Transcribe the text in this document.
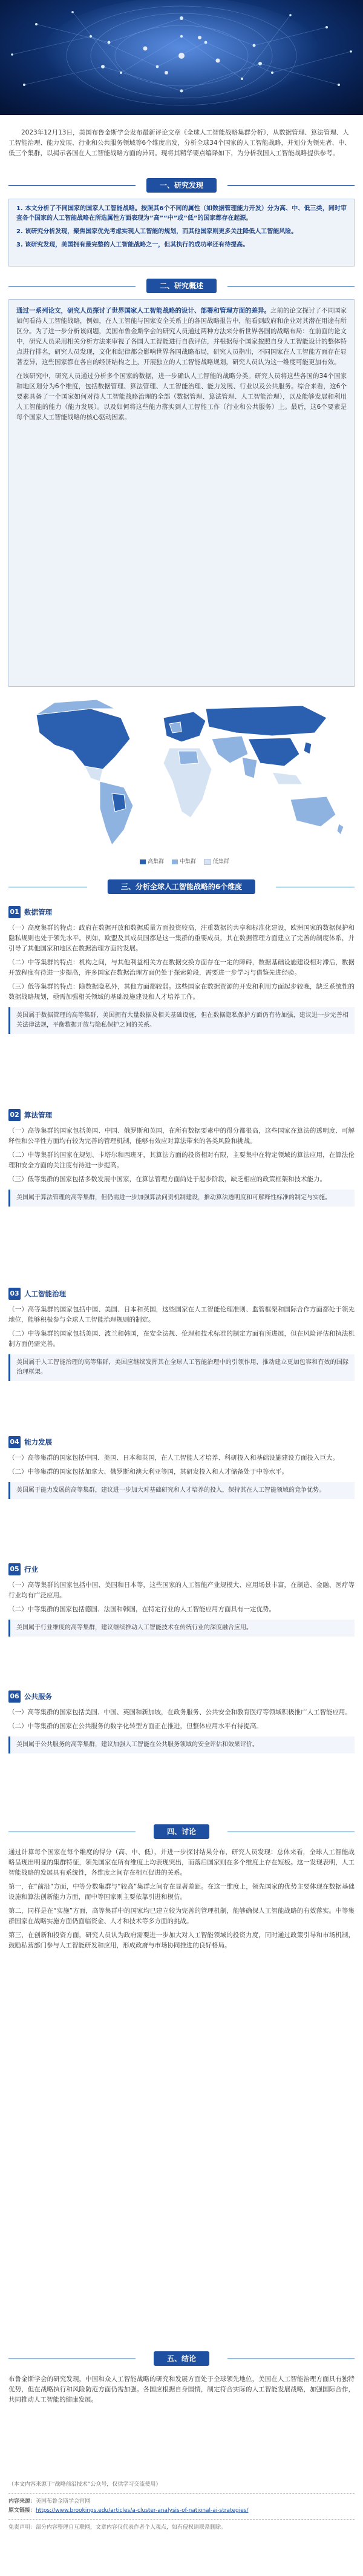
2023年12月13日，美国布鲁金斯学会发布最新评论文章《全球人工智能战略集群分析》，从数据管理、算法管理、人工智能治理、能力发展、行业和公共服务领域等6个维度出发，分析全球34个国家的人工智能战略，并划分为领先者、中、低三个集群，以揭示各国在人工智能战略方面的异同。现将其精华要点编译如下，为分析我国人工智能战略提供参考。

一、研究发现

1. 本文分析了不同国家的国家人工智能战略。按照其6个不同的属性（如数据管理能力开发）分为高、中、低三类，同时审查各个国家的人工智能战略在所选属性方面表现为”高”“中”或”低”的国家都存在起源。

2. 该研究分析发现，聚焦国家优先考虑实现人工智能的规划，而其他国家则更多关注降低人工智能风险。

3. 该研究发现，美国拥有最完整的人工智能战略之一，但其执行的成功率还有待提高。

二、研究概述

通过一系列论文，研究人员探讨了世界国家人工智能战略的设计、部署和管理方面的差异。之前的论文探讨了不同国家如何看待人工智能战略，例如，在人工智能与国家安全关系上的各国战略报告中，能看到政府和企业对其潜在用途有所区分。为了进一步分析该问题，美国布鲁金斯学会的研究人员通过两种方法来分析世界各国的战略布局：在前面的论文中，研究人员采用相关分析方法来审视了各国人工智能进行自我评估，并根据每个国家按照自身人工智能设计的整体特点进行排名，研究人员发现，文化和纪律都会影响世界各国战略布局，研究人员指出，不同国家在人工智能方面存在显著差异，这些国家都在各自的经济结构之上，开展独立的人工智能战略规划，研究人员认为这一维度可能更加有效。

在该研究中，研究人员通过分析多个国家的数据，进一步确认人工智能的战略分类。研究人员将这些各国的34个国家和地区划分为6个维度，包括数据管理、算法管理、人工智能治理、能力发展、行业以及公共服务。综合来看，这6个要素具备了一个国家如何对待人工智能战略治理的全部（数据管理、算法管理、人工智能治理），以及能够发展和利用人工智能的能力（能力发展）。以及如何将这些能力落实到人工智能工作（行业和公共服务）上。最后，这6个要素是每个国家人工智能战略的核心驱动因素。

高集群	中集群	低集群
三、分析全球人工智能战略的6个维度
01 数据管理

（一）高度集群的特点：政府在数据开放和数据质量方面投资较高，注重数据的共享和标准化建设，欧洲国家的数据保护和隐私规则也处于领先水平。例如，欧盟及其成员国都是这一集群的重要成员，其在数据管理方面建立了完善的制度体系，并引导了其他国家和地区在数据治理方面的发展。

（二）中等集群的特点：机构之间，与其他利益相关方在数据交换方面存在一定的障碍，数据基础设施建设相对滞后，数据开放程度有待进一步提高，许多国家在数据治理方面仍处于探索阶段，需要进一步学习与借鉴先进经验。

（三）低等集群的特点：除数据隐私外，其他方面都较弱。这些国家在数据资源的开发和利用方面起步较晚，缺乏系统性的数据战略规划，亟需加强相关领域的基础设施建设和人才培养工作。

美国属于数据管理的高等集群，美国拥有大量数据及相关基础设施，但在数据隐私保护方面仍有待加强，建议进一步完善相关法律法规，平衡数据开放与隐私保护之间的关系。
02 算法管理

（一）高等集群的国家包括美国、中国、俄罗斯和英国，在所有数据要素中的得分都很高，这些国家在算法的透明度、可解释性和公平性方面均有较为完善的管理机制，能够有效应对算法带来的各类风险和挑战。

（二）中等集群的国家在规划、卡塔尔和西班牙，其算法方面的投资相对有限，主要集中在特定领域的算法应用，在算法伦理和安全方面的关注度有待进一步提高。

（三）低等集群的国家包括多数发展中国家，在算法管理方面尚处于起步阶段，缺乏相应的政策框架和技术能力。

美国属于算法管理的高等集群，但仍需进一步加强算法问责机制建设，推动算法透明度和可解释性标准的制定与实施。
03 人工智能治理

（一）高等集群的国家包括中国、美国、日本和英国，这些国家在人工智能伦理准则、监管框架和国际合作方面都处于领先地位，能够积极参与全球人工智能治理规则的制定。

（二）中等集群的国家包括美国、波兰和韩国，在安全法规、伦理和技术标准的制定方面有所进展，但在风险评估和执法机制方面仍需完善。

美国属于人工智能治理的高等集群，美国应继续发挥其在全球人工智能治理中的引领作用，推动建立更加包容和有效的国际治理框架。
04 能力发展

（一）高等集群的国家包括中国、美国、日本和英国，在人工智能人才培养、科研投入和基础设施建设方面投入巨大。

（二）中等集群的国家包括加拿大、俄罗斯和澳大利亚等国，其研发投入和人才储备处于中等水平。

美国属于能力发展的高等集群，建议进一步加大对基础研究和人才培养的投入，保持其在人工智能领域的竞争优势。
05 行业

（一）高等集群的国家包括中国、美国和日本等，这些国家的人工智能产业规模大、应用场景丰富，在制造、金融、医疗等行业均有广泛应用。

（二）中等集群的国家包括德国、法国和韩国，在特定行业的人工智能应用方面具有一定优势。

美国属于行业维度的高等集群，建议继续推动人工智能技术在传统行业的深度融合应用。
06 公共服务

（一）高等集群的国家包括美国、中国、英国和新加坡，在政务服务、公共安全和教育医疗等领域积极推广人工智能应用。

（二）中等集群的国家在公共服务的数字化转型方面正在推进，但整体应用水平有待提高。

美国属于公共服务的高等集群，建议加强人工智能在公共服务领域的安全评估和效果评价。
四、讨论

通过计算每个国家在每个维度的得分（高、中、低），并进一步探讨结果分布，研究人员发现：总体来看，全球人工智能战略呈现出明显的集群特征，领先国家在所有维度上均表现突出，而落后国家则在多个维度上存在短板。这一发现表明，人工智能战略的发展具有系统性，各维度之间存在相互促进的关系。

第一，在“前沿”方面，中等分数集群与“较高”集群之间存在显著差距。在这一维度上，领先国家的优势主要体现在数据基础设施和算法创新能力方面，而中等国家则主要依靠引进和模仿。

第二，同样是在“实施”方面，高等集群中的国家均已建立较为完善的管理机制，能够确保人工智能战略的有效落实。中等集群国家在战略实施方面仍面临资金、人才和技术等多方面的挑战。

第三，在创新和投资方面，研究人员认为政府需要进一步加大对人工智能领域的投资力度，同时通过政策引导和市场机制，鼓励私营部门参与人工智能研发和应用，形成政府与市场协同推进的良好格局。

五、结论

布鲁金斯学会的研究发现，中国和众人工智能战略的研究和发展方面处于全球领先地位，美国在人工智能治理方面具有独特优势，但在战略执行和风险防范方面仍需加强。各国应根据自身国情，制定符合实际的人工智能发展战略，加强国际合作，共同推动人工智能的健康发展。

（本文内容来源于“战略前沿技术”公众号，仅供学习交流使用）
内容来源：美国布鲁金斯学会官网
原文链接：https://www.brookings.edu/articles/a-cluster-analysis-of-national-ai-strategies/
免责声明：部分内容整理自互联网，文章内容仅代表作者个人观点，如有侵权请联系删除。
